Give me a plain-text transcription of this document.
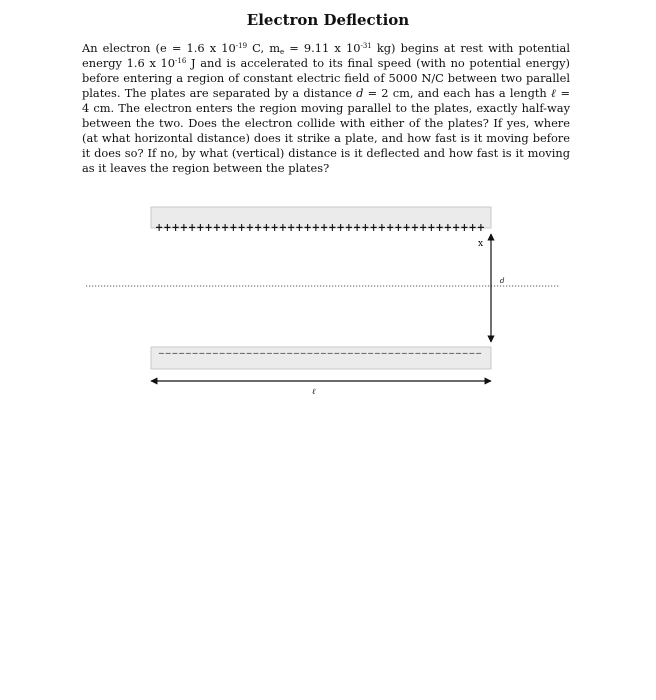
Electron Deflection

An electron (e = 1.6 x $10^{-19}$ C, $m_e = 9.11$ x $10^{-31}$ kg) begins at rest with potential energy 1.6 x $10^{-16}$ J and is accelerated to its final speed (with no potential energy) before entering a region of constant electric field of 5000 N/C between two parallel plates. The plates are separated by a distance d = 2 cm, and each has a length ℓ = 4 cm. The electron enters the region moving parallel to the plates, exactly half-way between the two. Does the electron collide with either of the plates? If yes, where (at what horizontal distance) does it strike a plate, and how fast is it moving before it does so? If no, by what (vertical) distance is it deflected and how fast is it moving as it leaves the region between the plates?

++++++++++++++++++++++++++++++++++++++++
x
d
------------------------------------------------
ℓ
